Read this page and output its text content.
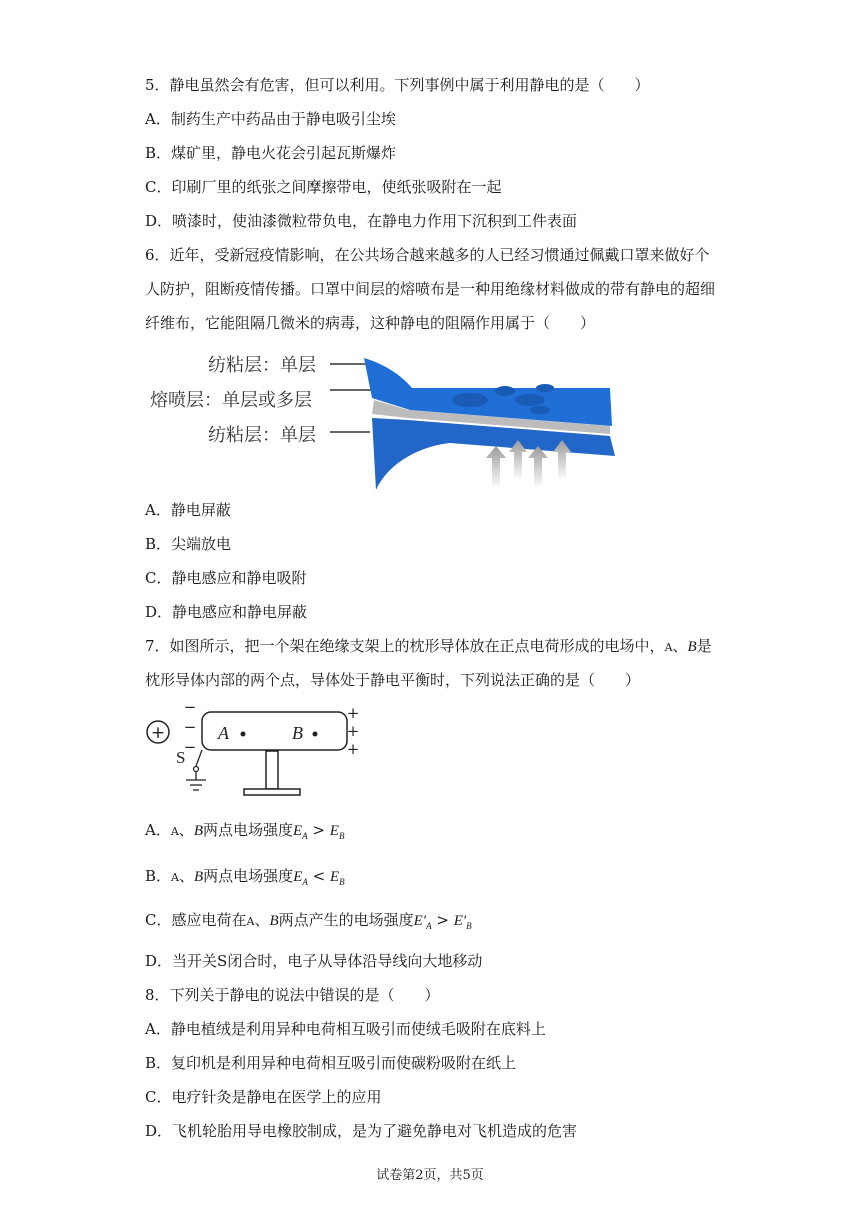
5．静电虽然会有危害，但可以利用。下列事例中属于利用静电的是（　　）
A．制药生产中药品由于静电吸引尘埃
B．煤矿里，静电火花会引起瓦斯爆炸
C．印刷厂里的纸张之间摩擦带电，使纸张吸附在一起
D．喷漆时，使油漆微粒带负电，在静电力作用下沉积到工件表面
6．近年，受新冠疫情影响，在公共场合越来越多的人已经习惯通过佩戴口罩来做好个
人防护，阻断疫情传播。口罩中间层的熔喷布是一种用绝缘材料做成的带有静电的超细
纤维布，它能阻隔几微米的病毒，这种静电的阻隔作用属于（　　）
纺粘层：单层
熔喷层：单层或多层
纺粘层：单层
A．静电屏蔽
B．尖端放电
C．静电感应和静电吸附
D．静电感应和静电屏蔽
7．如图所示，把一个架在绝缘支架上的枕形导体放在正点电荷形成的电场中，A、B是
枕形导体内部的两个点，导体处于静电平衡时，下列说法正确的是（　　）
+
−
−
−
A	B
+
+
+
S
A．A、B两点电场强度$E_A > E_B$
B．A、B两点电场强度$E_A < E_B$
C．感应电荷在A、B两点产生的电场强度$E'_A > E'_B$
D．当开关S闭合时，电子从导体沿导线向大地移动
8．下列关于静电的说法中错误的是（　　）
A．静电植绒是利用异种电荷相互吸引而使绒毛吸附在底料上
B．复印机是利用异种电荷相互吸引而使碳粉吸附在纸上
C．电疗针灸是静电在医学上的应用
D．飞机轮胎用导电橡胶制成，是为了避免静电对飞机造成的危害
试卷第2页，共5页
